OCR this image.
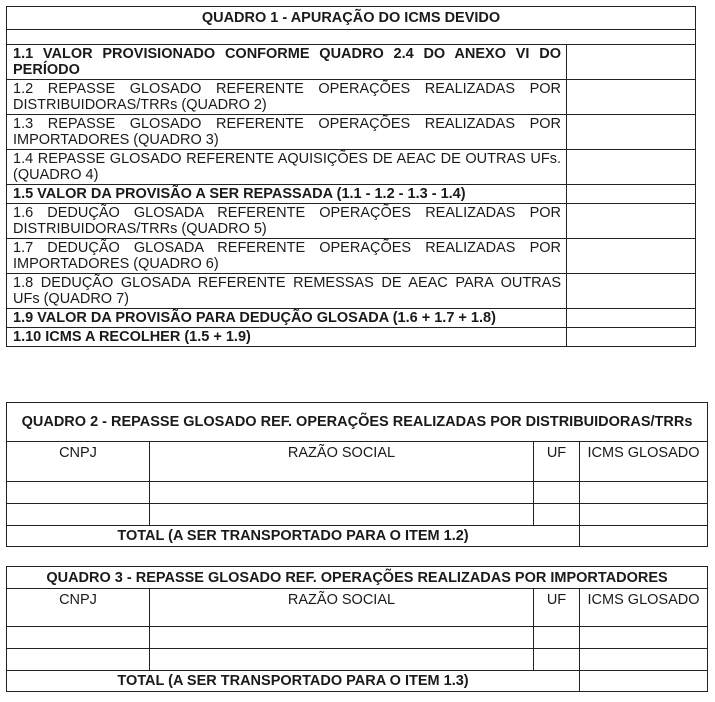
QUADRO 1 - APURAÇÃO DO ICMS DEVIDO	

1.1 VALOR PROVISIONADO CONFORME QUADRO 2.4 DO ANEXO VI DO PERÍODO	
1.2 REPASSE GLOSADO REFERENTE OPERAÇÕES REALIZADAS POR DISTRIBUIDORAS/TRRs (QUADRO 2)	
1.3 REPASSE GLOSADO REFERENTE OPERAÇÕES REALIZADAS POR IMPORTADORES (QUADRO 3)	
1.4 REPASSE GLOSADO REFERENTE AQUISIÇÕES DE AEAC DE OUTRAS UFs. (QUADRO 4)	
1.5 VALOR DA PROVISÃO A SER REPASSADA (1.1 - 1.2 - 1.3 - 1.4)	
1.6 DEDUÇÃO GLOSADA REFERENTE OPERAÇÕES REALIZADAS POR DISTRIBUIDORAS/TRRs (QUADRO 5)	
1.7 DEDUÇÃO GLOSADA REFERENTE OPERAÇÕES REALIZADAS POR IMPORTADORES (QUADRO 6)	
1.8 DEDUÇÃO GLOSADA REFERENTE REMESSAS DE AEAC PARA OUTRAS UFs (QUADRO 7)	
1.9 VALOR DA PROVISÃO PARA DEDUÇÃO GLOSADA (1.6 + 1.7 + 1.8)	
1.10 ICMS A RECOLHER (1.5 + 1.9)	
QUADRO 2 - REPASSE GLOSADO REF. OPERAÇÕES REALIZADAS POR DISTRIBUIDORAS/TRRs			
CNPJ	RAZÃO SOCIAL	UF	ICMS GLOSADO

TOTAL (A SER TRANSPORTADO PARA O ITEM 1.2)			
QUADRO 3 - REPASSE GLOSADO REF. OPERAÇÕES REALIZADAS POR IMPORTADORES			
CNPJ	RAZÃO SOCIAL	UF	ICMS GLOSADO

TOTAL (A SER TRANSPORTADO PARA O ITEM 1.3)			
